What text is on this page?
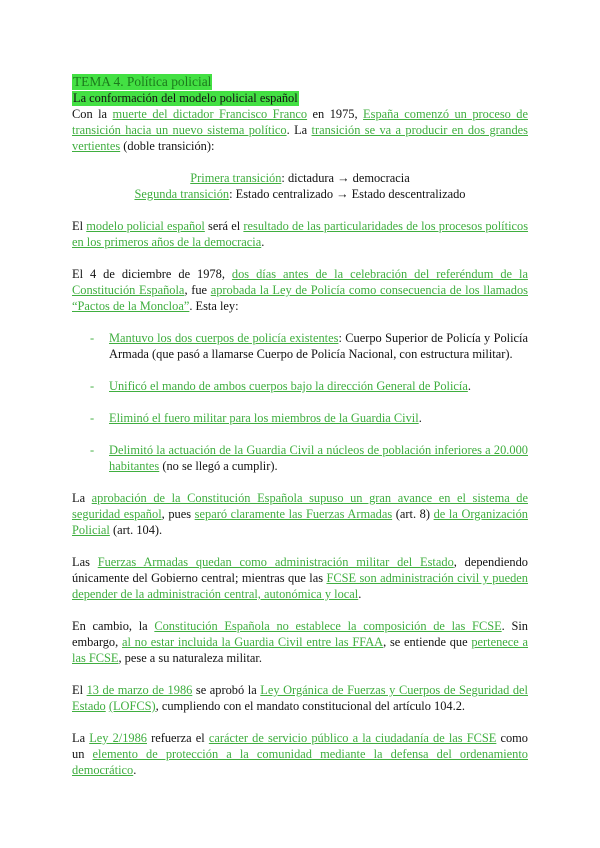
TEMA 4. Política policial
La conformación del modelo policial español

Con la muerte del dictador Francisco Franco en 1975, España comenzó un proceso de transición hacia un nuevo sistema político. La transición se va a producir en dos grandes vertientes (doble transición):

Primera transición: dictadura → democracia

Segunda transición: Estado centralizado → Estado descentralizado

El modelo policial español será el resultado de las particularidades de los procesos políticos en los primeros años de la democracia.

El 4 de diciembre de 1978, dos días antes de la celebración del referéndum de la Constitución Española, fue aprobada la Ley de Policía como consecuencia de los llamados “Pactos de la Moncloa”. Esta ley:

- Mantuvo los dos cuerpos de policía existentes: Cuerpo Superior de Policía y Policía Armada (que pasó a llamarse Cuerpo de Policía Nacional, con estructura militar).
- Unificó el mando de ambos cuerpos bajo la dirección General de Policía.
- Eliminó el fuero militar para los miembros de la Guardia Civil.
- Delimitó la actuación de la Guardia Civil a núcleos de población inferiores a 20.000 habitantes (no se llegó a cumplir).

La aprobación de la Constitución Española supuso un gran avance en el sistema de seguridad español, pues separó claramente las Fuerzas Armadas (art. 8) de la Organización Policial (art. 104).

Las Fuerzas Armadas quedan como administración militar del Estado, dependiendo únicamente del Gobierno central; mientras que las FCSE son administración civil y pueden depender de la administración central, autonómica y local.

En cambio, la Constitución Española no establece la composición de las FCSE. Sin embargo, al no estar incluida la Guardia Civil entre las FFAA, se entiende que pertenece a las FCSE, pese a su naturaleza militar.

El 13 de marzo de 1986 se aprobó la Ley Orgánica de Fuerzas y Cuerpos de Seguridad del Estado (LOFCS), cumpliendo con el mandato constitucional del artículo 104.2.

La Ley 2/1986 refuerza el carácter de servicio público a la ciudadanía de las FCSE como un elemento de protección a la comunidad mediante la defensa del ordenamiento democrático.
